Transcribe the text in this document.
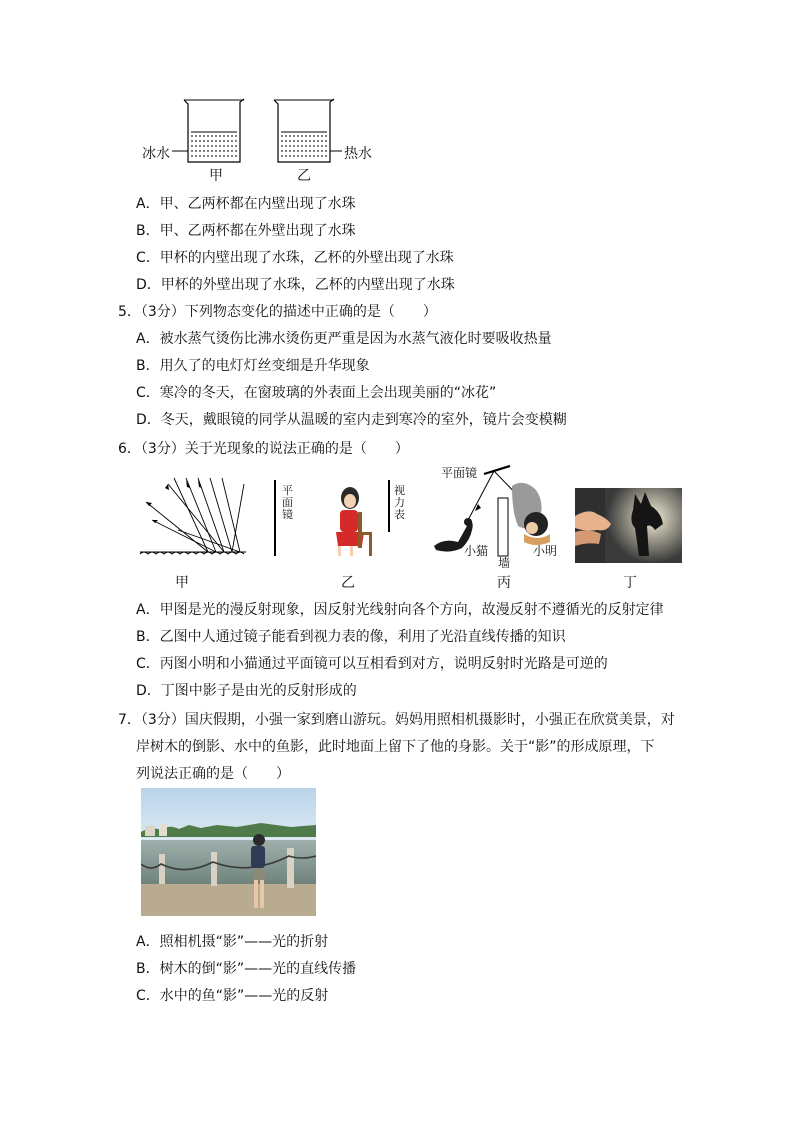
冰水	热水
甲	乙
A．甲、乙两杯都在内壁出现了水珠
B．甲、乙两杯都在外壁出现了水珠
C．甲杯的内壁出现了水珠，乙杯的外壁出现了水珠
D．甲杯的外壁出现了水珠，乙杯的内壁出现了水珠
5．（3分）下列物态变化的描述中正确的是（　　）
A．被水蒸气烫伤比沸水烫伤更严重是因为水蒸气液化时要吸收热量
B．用久了的电灯灯丝变细是升华现象
C．寒冷的冬天，在窗玻璃的外表面上会出现美丽的“冰花”
D．冬天，戴眼镜的同学从温暖的室内走到寒冷的室外，镜片会变模糊
6．（3分）关于光现象的说法正确的是（　　）
甲
平面镜
视力表
乙
平面镜
小猫
墙
小明
丙	丁
A．甲图是光的漫反射现象，因反射光线射向各个方向，故漫反射不遵循光的反射定律
B．乙图中人通过镜子能看到视力表的像，利用了光沿直线传播的知识
C．丙图小明和小猫通过平面镜可以互相看到对方，说明反射时光路是可逆的
D．丁图中影子是由光的反射形成的
7．（3分）国庆假期，小强一家到磨山游玩。妈妈用照相机摄影时，小强正在欣赏美景，对
岸树木的倒影、水中的鱼影，此时地面上留下了他的身影。关于“影”的形成原理，下
列说法正确的是（　　）
A．照相机摄“影”——光的折射
B．树木的倒“影”——光的直线传播
C．水中的鱼“影”——光的反射
